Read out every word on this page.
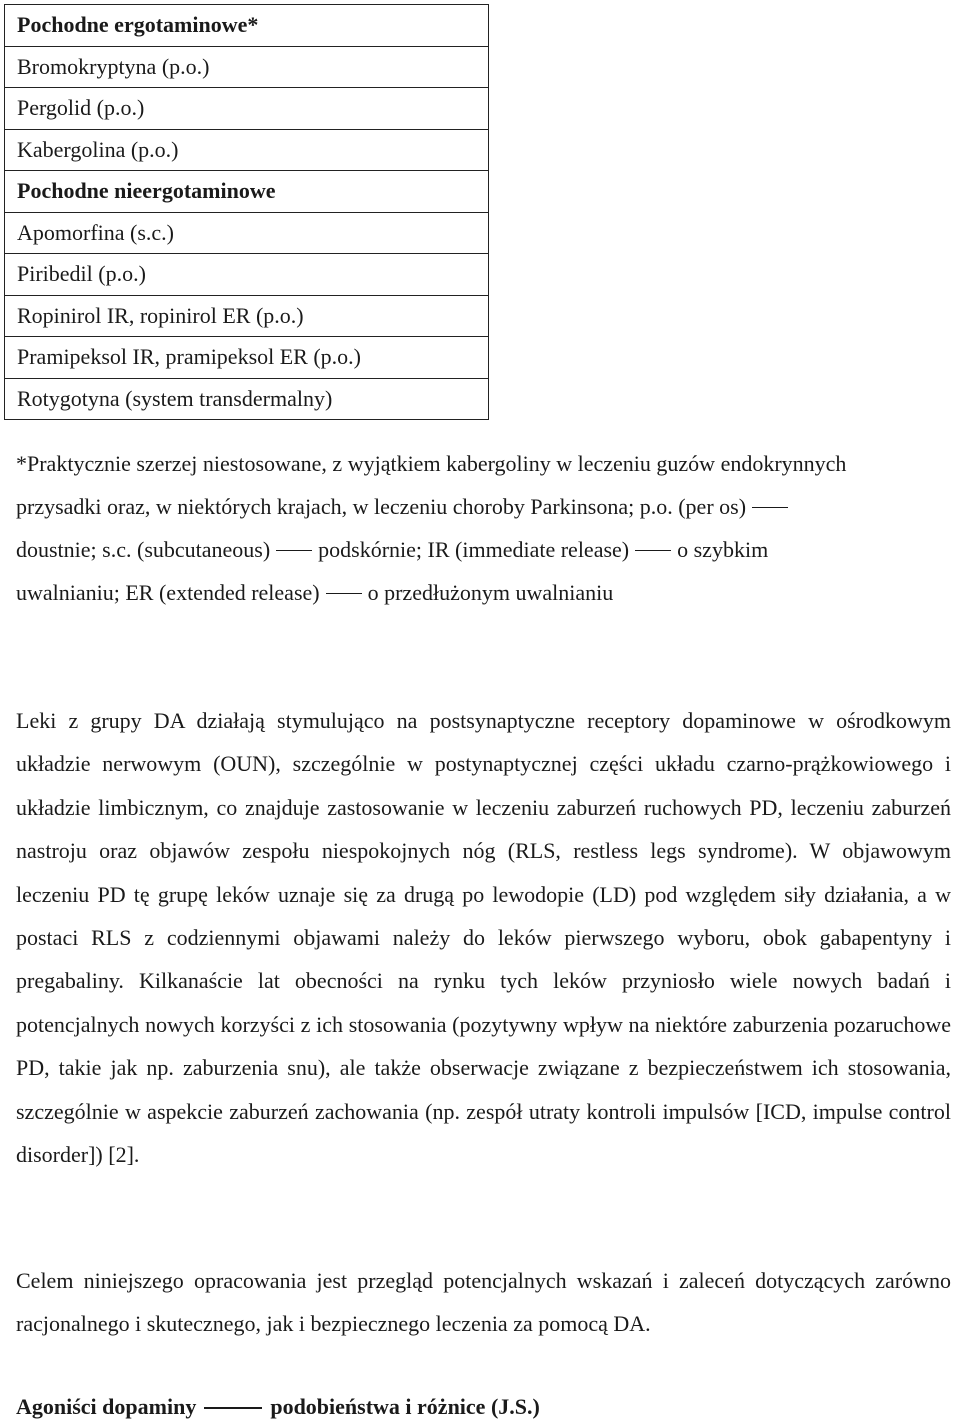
Pochodne ergotaminowe*
Bromokryptyna (p.o.)
Pergolid (p.o.)
Kabergolina (p.o.)
Pochodne nieergotaminowe
Apomorfina (s.c.)
Piribedil (p.o.)
Ropinirol IR, ropinirol ER (p.o.)
Pramipeksol IR, pramipeksol ER (p.o.)
Rotygotyna (system transdermalny)
*Praktycznie szerzej niestosowane, z wyjątkiem kabergoliny w leczeniu guzów endokrynnych
przysadki oraz, w niektórych krajach, w leczeniu choroby Parkinsona; p.o. (per os)
doustnie; s.c. (subcutaneous) podskórnie; IR (immediate release) o szybkim
uwalnianiu; ER (extended release) o przedłużonym uwalnianiu

Leki z grupy DA działają stymulująco na postsynaptyczne receptory dopaminowe w ośrodkowym układzie nerwowym (OUN), szczególnie w postynaptycznej części układu czarno-prążkowiowego i układzie limbicznym, co znajduje zastosowanie w leczeniu zaburzeń ruchowych PD, leczeniu zaburzeń nastroju oraz objawów zespołu niespokojnych nóg (RLS, restless legs syndrome). W objawowym leczeniu PD tę grupę leków uznaje się za drugą po lewodopie (LD) pod względem siły działania, a w postaci RLS z codziennymi objawami należy do leków pierwszego wyboru, obok gabapentyny i pregabaliny. Kilkanaście lat obecności na rynku tych leków przyniosło wiele nowych badań i potencjalnych nowych korzyści z ich stosowania (pozytywny wpływ na niektóre zaburzenia pozaruchowe PD, takie jak np. zaburzenia snu), ale także obserwacje związane z bezpieczeństwem ich stosowania, szczególnie w aspekcie zaburzeń zachowania (np. zespół utraty kontroli impulsów [ICD, impulse control disorder]) [2].

Celem niniejszego opracowania jest przegląd potencjalnych wskazań i zaleceń dotyczących zarówno racjonalnego i skutecznego, jak i bezpiecznego leczenia za pomocą DA.

Agoniści dopaminy	podobieństwa i różnice (J.S.)
